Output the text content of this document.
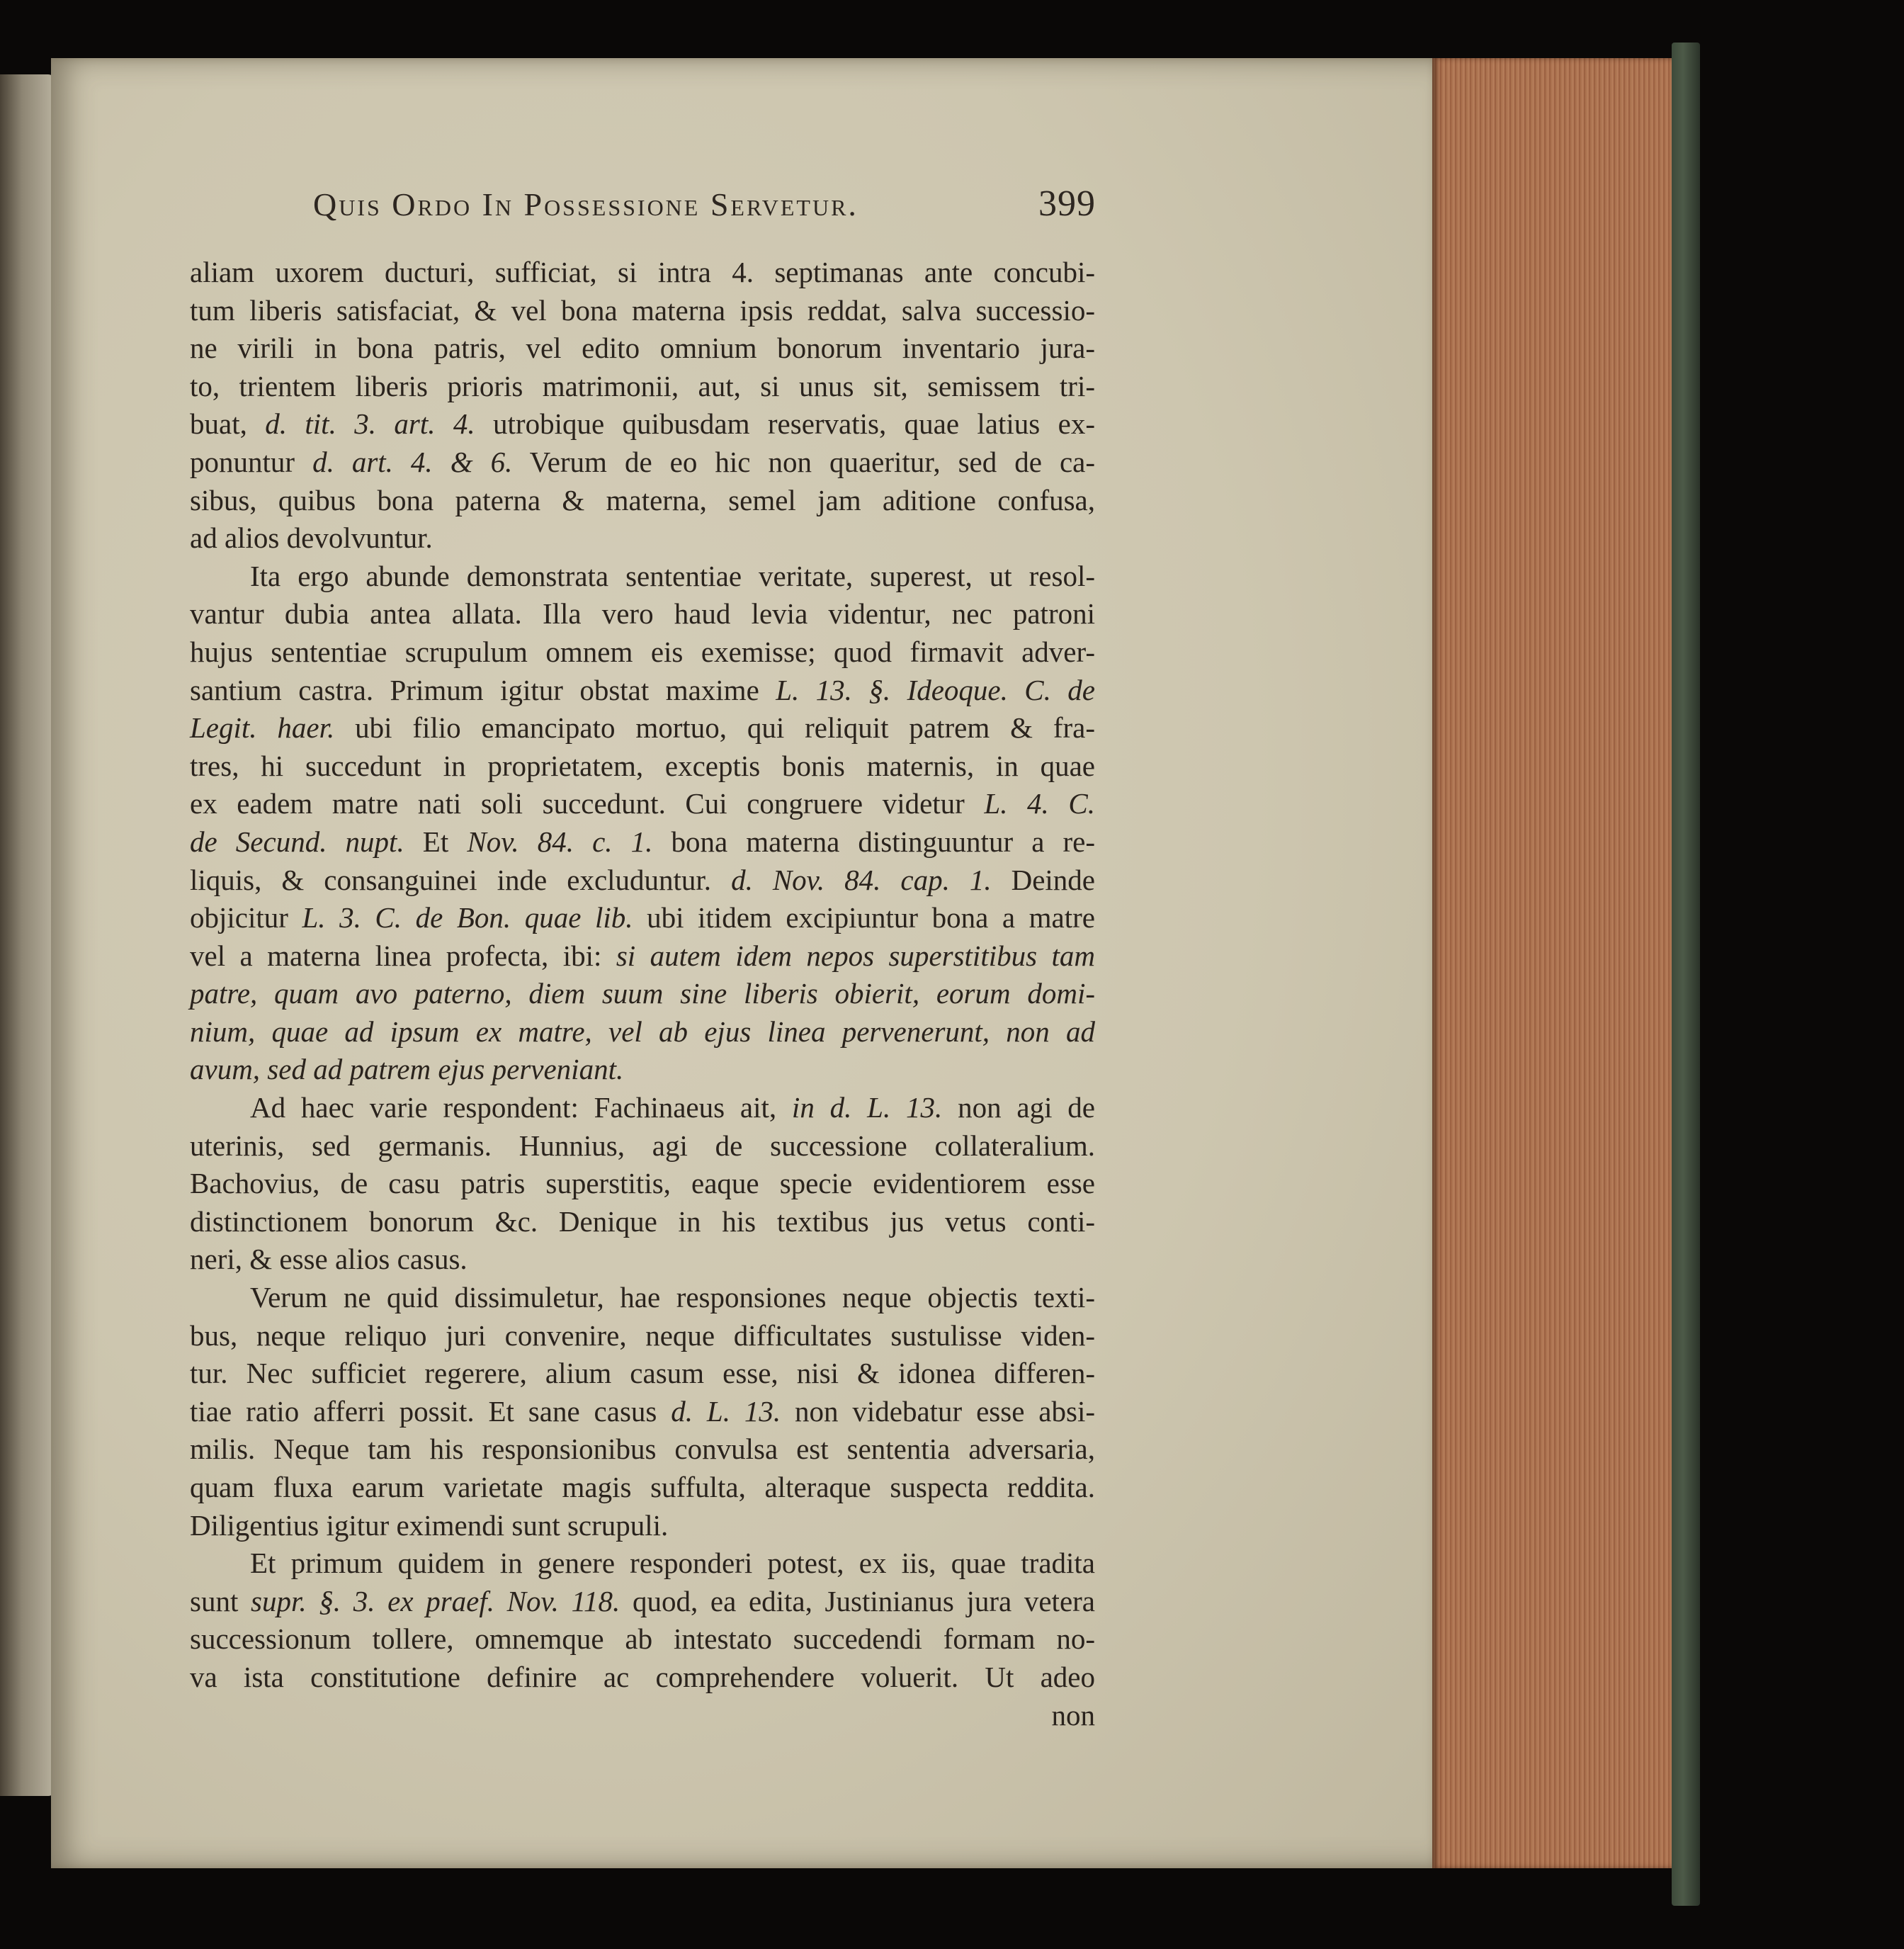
Quis Ordo In Possessione Servetur.	399
aliam uxorem ducturi, sufficiat, si intra 4. septimanas ante concubi-
tum liberis satisfaciat, & vel bona materna ipsis reddat, salva successio-
ne virili in bona patris, vel edito omnium bonorum inventario jura-
to, trientem liberis prioris matrimonii, aut, si unus sit, semissem tri-
buat, d. tit. 3. art. 4. utrobique quibusdam reservatis, quae latius ex-
ponuntur d. art. 4. & 6. Verum de eo hic non quaeritur, sed de ca-
sibus, quibus bona paterna & materna, semel jam aditione confusa,
ad alios devolvuntur.
Ita ergo abunde demonstrata sententiae veritate, superest, ut resol-
vantur dubia antea allata. Illa vero haud levia videntur, nec patroni
hujus sententiae scrupulum omnem eis exemisse; quod firmavit adver-
santium castra. Primum igitur obstat maxime L. 13. §. Ideoque. C. de
Legit. haer. ubi filio emancipato mortuo, qui reliquit patrem & fra-
tres, hi succedunt in proprietatem, exceptis bonis maternis, in quae
ex eadem matre nati soli succedunt. Cui congruere videtur L. 4. C.
de Secund. nupt. Et Nov. 84. c. 1. bona materna distinguuntur a re-
liquis, & consanguinei inde excluduntur. d. Nov. 84. cap. 1. Deinde
objicitur L. 3. C. de Bon. quae lib. ubi itidem excipiuntur bona a matre
vel a materna linea profecta, ibi: si autem idem nepos superstitibus tam
patre, quam avo paterno, diem suum sine liberis obierit, eorum domi-
nium, quae ad ipsum ex matre, vel ab ejus linea pervenerunt, non ad
avum, sed ad patrem ejus perveniant.
Ad haec varie respondent: Fachinaeus ait, in d. L. 13. non agi de
uterinis, sed germanis. Hunnius, agi de successione collateralium.
Bachovius, de casu patris superstitis, eaque specie evidentiorem esse
distinctionem bonorum &c. Denique in his textibus jus vetus conti-
neri, & esse alios casus.
Verum ne quid dissimuletur, hae responsiones neque objectis texti-
bus, neque reliquo juri convenire, neque difficultates sustulisse viden-
tur. Nec sufficiet regerere, alium casum esse, nisi & idonea differen-
tiae ratio afferri possit. Et sane casus d. L. 13. non videbatur esse absi-
milis. Neque tam his responsionibus convulsa est sententia adversaria,
quam fluxa earum varietate magis suffulta, alteraque suspecta reddita.
Diligentius igitur eximendi sunt scrupuli.
Et primum quidem in genere responderi potest, ex iis, quae tradita
sunt supr. §. 3. ex praef. Nov. 118. quod, ea edita, Justinianus jura vetera
successionum tollere, omnemque ab intestato succedendi formam no-
va ista constitutione definire ac comprehendere voluerit. Ut adeo
non
